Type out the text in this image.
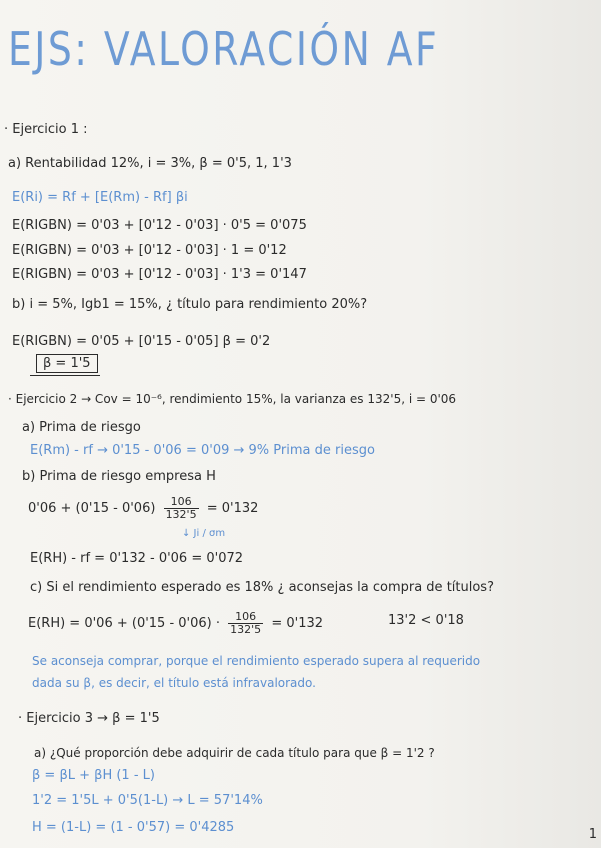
EJS: VALORACIÓN AF
· Ejercicio 1 :
a) Rentabilidad 12%, i = 3%, β = 0'5, 1, 1'3
E(Ri) = Rf + [E(Rm) - Rf] βi
E(RIGBN) = 0'03 + [0'12 - 0'03] · 0'5 = 0'075
E(RIGBN) = 0'03 + [0'12 - 0'03] · 1 = 0'12
E(RIGBN) = 0'03 + [0'12 - 0'03] · 1'3 = 0'147
b) i = 5%, Igb1 = 15%, ¿ título para rendimiento 20%?
E(RIGBN) = 0'05 + [0'15 - 0'05] β = 0'2
β = 1'5
· Ejercicio 2 → Cov = 10⁻⁶, rendimiento 15%, la varianza es 132'5, i = 0'06
a) Prima de riesgo
E(Rm) - rf → 0'15 - 0'06 = 0'09 → 9% Prima de riesgo
b) Prima de riesgo empresa H
$0'06 + (0'15 - 0'06) \frac{106}{132'5} = 0'132$
↓ Ji / σm
E(RH) - rf = 0'132 - 0'06 = 0'072
c) Si el rendimiento esperado es 18% ¿ aconsejas la compra de títulos?
$E(RH) = 0'06 + (0'15 - 0'06) \cdot \frac{106}{132'5} = 0'132$	13'2 < 0'18
Se aconseja comprar, porque el rendimiento esperado supera al requerido
dada su β, es decir, el título está infravalorado.
· Ejercicio 3 → β = 1'5
a) ¿Qué proporción debe adquirir de cada título para que β = 1'2 ?
β = βL + βH (1 - L)
1'2 = 1'5L + 0'5(1-L) → L = 57'14%
H = (1-L) = (1 - 0'57) = 0'4285	1
